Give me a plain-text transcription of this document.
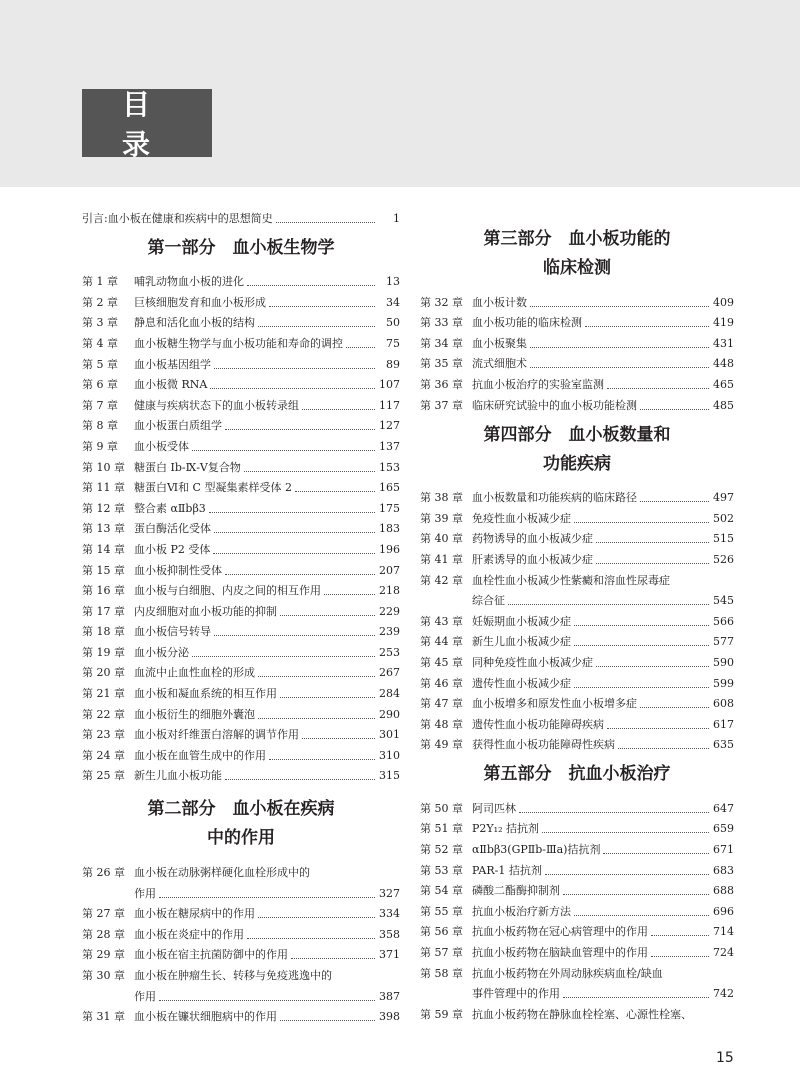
目 录
引言:血小板在健康和疾病中的思想简史	1
第一部分　血小板生物学
第 1 章	哺乳动物血小板的进化	13
第 2 章	巨核细胞发育和血小板形成	34
第 3 章	静息和活化血小板的结构	50
第 4 章	血小板糖生物学与血小板功能和寿命的调控	75
第 5 章	血小板基因组学	89
第 6 章	血小板微 RNA	107
第 7 章	健康与疾病状态下的血小板转录组	117
第 8 章	血小板蛋白质组学	127
第 9 章	血小板受体	137
第 10 章 糖蛋白 Ⅰb-Ⅸ-Ⅴ复合物	153
第 11 章 糖蛋白Ⅵ和 C 型凝集素样受体 2	165
第 12 章 整合素 αⅡbβ3	175
第 13 章 蛋白酶活化受体	183
第 14 章 血小板 P2 受体	196
第 15 章 血小板抑制性受体	207
第 16 章 血小板与白细胞、内皮之间的相互作用	218
第 17 章 内皮细胞对血小板功能的抑制	229
第 18 章 血小板信号转导	239
第 19 章 血小板分泌	253
第 20 章 血流中止血性血栓的形成	267
第 21 章 血小板和凝血系统的相互作用	284
第 22 章 血小板衍生的细胞外囊泡	290
第 23 章 血小板对纤维蛋白溶解的调节作用	301
第 24 章 血小板在血管生成中的作用	310
第 25 章 新生儿血小板功能	315
第二部分　血小板在疾病
中的作用
第 26 章 血小板在动脉粥样硬化血栓形成中的
作用	327
第 27 章 血小板在糖尿病中的作用	334
第 28 章 血小板在炎症中的作用	358
第 29 章 血小板在宿主抗菌防御中的作用	371
第 30 章 血小板在肿瘤生长、转移与免疫逃逸中的
作用	387
第 31 章 血小板在镰状细胞病中的作用	398
第三部分　血小板功能的
临床检测
第 32 章 血小板计数	409
第 33 章 血小板功能的临床检测	419
第 34 章 血小板聚集	431
第 35 章 流式细胞术	448
第 36 章 抗血小板治疗的实验室监测	465
第 37 章 临床研究试验中的血小板功能检测	485
第四部分　血小板数量和
功能疾病
第 38 章 血小板数量和功能疾病的临床路径	497
第 39 章 免疫性血小板减少症	502
第 40 章 药物诱导的血小板减少症	515
第 41 章 肝素诱导的血小板减少症	526
第 42 章 血栓性血小板减少性紫癜和溶血性尿毒症
综合征	545
第 43 章 妊娠期血小板减少症	566
第 44 章 新生儿血小板减少症	577
第 45 章 同种免疫性血小板减少症	590
第 46 章 遗传性血小板减少症	599
第 47 章 血小板增多和原发性血小板增多症	608
第 48 章 遗传性血小板功能障碍疾病	617
第 49 章 获得性血小板功能障碍性疾病	635
第五部分　抗血小板治疗
第 50 章 阿司匹林	647
第 51 章 P2Y₁₂ 拮抗剂	659
第 52 章 αⅡbβ3(GPⅡb-Ⅲa)拮抗剂	671
第 53 章 PAR-1 拮抗剂	683
第 54 章 磷酸二酯酶抑制剂	688
第 55 章 抗血小板治疗新方法	696
第 56 章 抗血小板药物在冠心病管理中的作用	714
第 57 章 抗血小板药物在脑缺血管理中的作用	724
第 58 章 抗血小板药物在外周动脉疾病血栓/缺血
事件管理中的作用	742
第 59 章 抗血小板药物在静脉血栓栓塞、心源性栓塞、
15
